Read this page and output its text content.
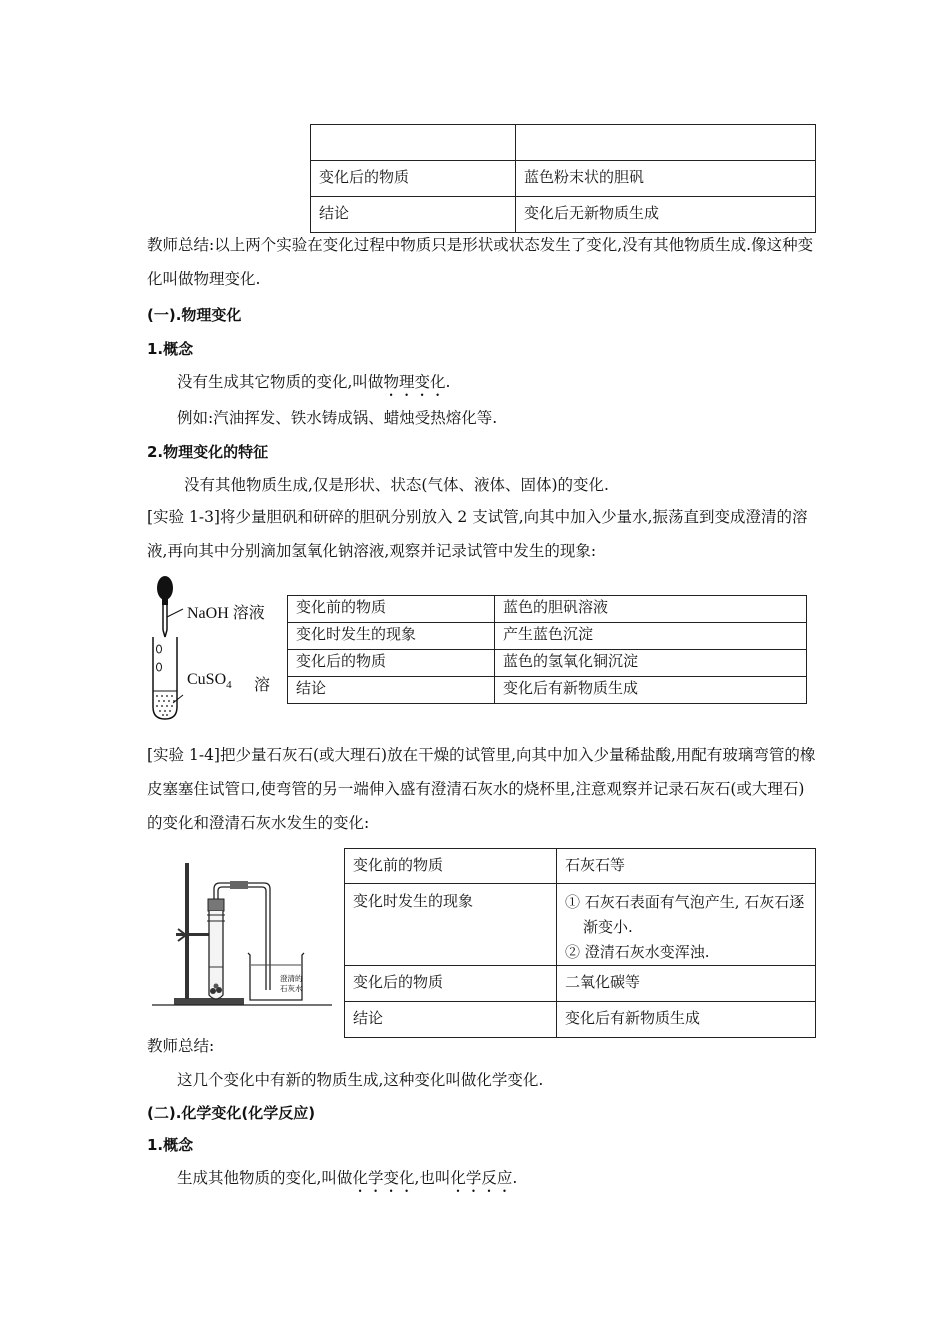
变化后的物质	蓝色粉末状的胆矾
结论	变化后无新物质生成
教师总结:以上两个实验在变化过程中物质只是形状或状态发生了变化,没有其他物质生成.像这种变化叫做物理变化.
(一).物理变化
1.概念
没有生成其它物质的变化,叫做物理变化.
例如:汽油挥发、铁水铸成锅、蜡烛受热熔化等.
2.物理变化的特征
没有其他物质生成,仅是形状、状态(气体、液体、固体)的变化.
[实验 1-3]将少量胆矾和研碎的胆矾分别放入 2 支试管,向其中加入少量水,振荡直到变成澄清的溶液,再向其中分别滴加氢氧化钠溶液,观察并记录试管中发生的现象:
NaOH 溶液
CuSO$_4$ 溶
变化前的物质	蓝色的胆矾溶液
变化时发生的现象	产生蓝色沉淀
变化后的物质	蓝色的氢氧化铜沉淀
结论	变化后有新物质生成
[实验 1-4]把少量石灰石(或大理石)放在干燥的试管里,向其中加入少量稀盐酸,用配有玻璃弯管的橡皮塞塞住试管口,使弯管的另一端伸入盛有澄清石灰水的烧杯里,注意观察并记录石灰石(或大理石)的变化和澄清石灰水发生的变化:
澄清的
石灰水
变化前的物质	石灰石等
变化时发生的现象	① 石灰石表面有气泡产生, 石灰石逐渐变小.
② 澄清石灰水变浑浊.

变化后的物质	二氧化碳等
结论	变化后有新物质生成
教师总结:
这几个变化中有新的物质生成,这种变化叫做化学变化.
(二).化学变化(化学反应)
1.概念
生成其他物质的变化,叫做化学变化,也叫化学反应.
